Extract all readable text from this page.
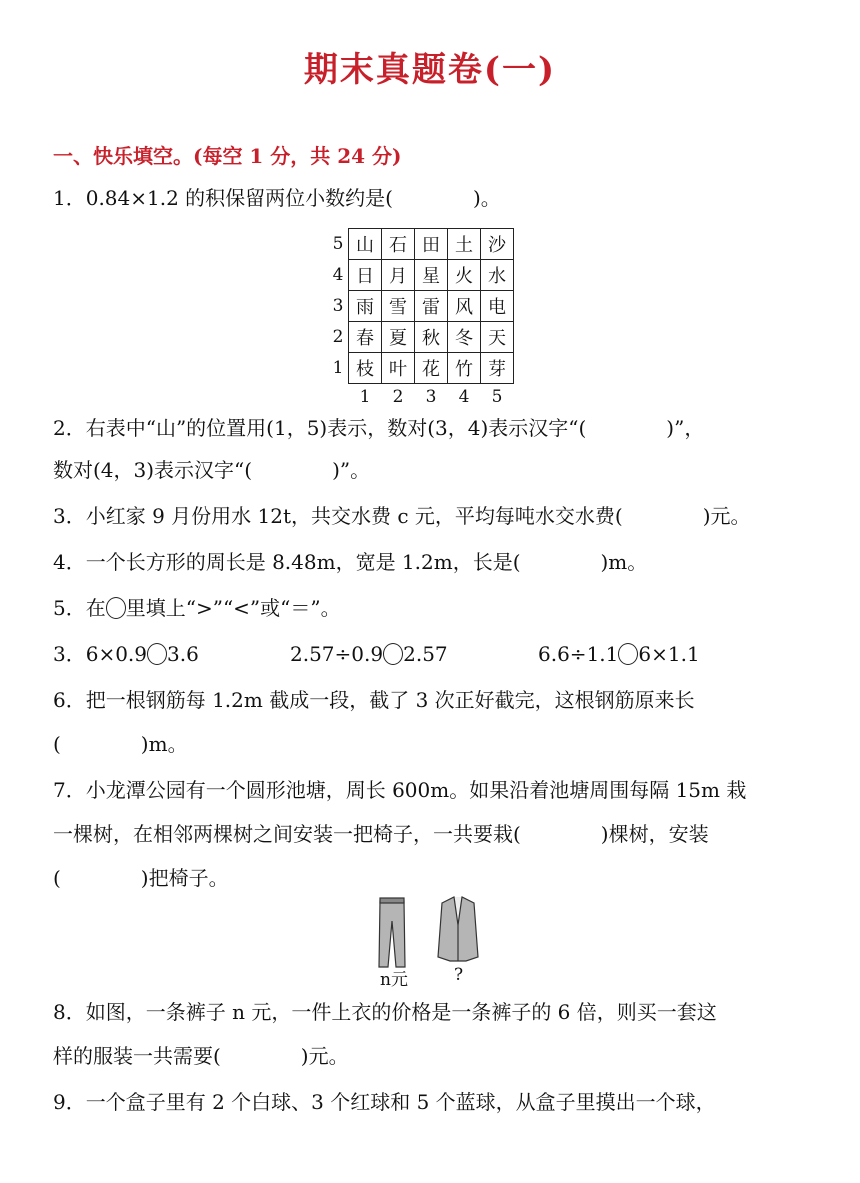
期末真题卷(一)
一、快乐填空。(每空 1 分，共 24 分)
1．0.84×1.2 的积保留两位小数约是(　　　　)。
5	山	石	田	土	沙
4	日	月	星	火	水
3	雨	雪	雷	风	电
2	春	夏	秋	冬	天
1	枝	叶	花	竹	芽
	1	2	3	4	5
2．右表中“山”的位置用(1，5)表示，数对(3，4)表示汉字“(　　　　)”，
数对(4，3)表示汉字“(　　　　)”。
3．小红家 9 月份用水 12t，共交水费 c 元，平均每吨水交水费(　　　　)元。
4．一个长方形的周长是 8.48m，宽是 1.2m，长是(　　　　)m。
5．在 里填上“>”“<”或“＝”。
3．6×0.9 3.6	2.57÷0.9 2.57	6.6÷1.1 6×1.1
6．把一根钢筋每 1.2m 截成一段，截了 3 次正好截完，这根钢筋原来长
(　　　　)m。
7．小龙潭公园有一个圆形池塘，周长 600m。如果沿着池塘周围每隔 15m 栽
一棵树，在相邻两棵树之间安装一把椅子，一共要栽(　　　　)棵树，安装
(　　　　)把椅子。
n元	?
8．如图，一条裤子 n 元，一件上衣的价格是一条裤子的 6 倍，则买一套这
样的服装一共需要(　　　　)元。
9．一个盒子里有 2 个白球、3 个红球和 5 个蓝球，从盒子里摸出一个球，
